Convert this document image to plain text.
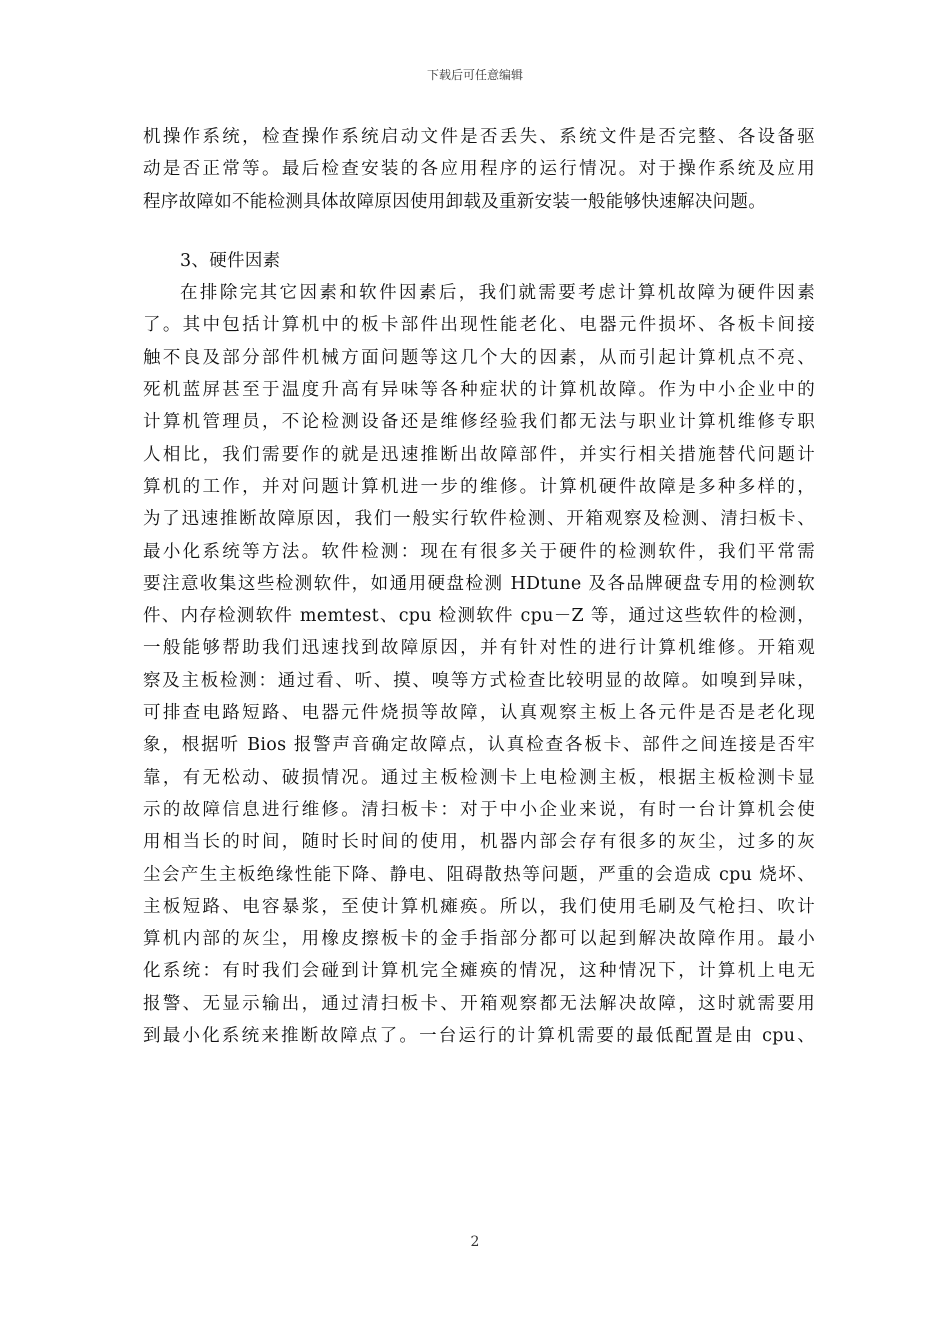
下载后可任意编辑
机操作系统，检查操作系统启动文件是否丢失、系统文件是否完整、各设备驱
动是否正常等。最后检查安装的各应用程序的运行情况。对于操作系统及应用
程序故障如不能检测具体故障原因使用卸载及重新安装一般能够快速解决问题。
3、硬件因素
在排除完其它因素和软件因素后，我们就需要考虑计算机故障为硬件因素
了。其中包括计算机中的板卡部件出现性能老化、电器元件损坏、各板卡间接
触不良及部分部件机械方面问题等这几个大的因素，从而引起计算机点不亮、
死机蓝屏甚至于温度升高有异味等各种症状的计算机故障。作为中小企业中的
计算机管理员，不论检测设备还是维修经验我们都无法与职业计算机维修专职
人相比，我们需要作的就是迅速推断出故障部件，并实行相关措施替代问题计
算机的工作，并对问题计算机进一步的维修。计算机硬件故障是多种多样的，
为了迅速推断故障原因，我们一般实行软件检测、开箱观察及检测、清扫板卡、
最小化系统等方法。软件检测：现在有很多关于硬件的检测软件，我们平常需
要注意收集这些检测软件，如通用硬盘检测 HDtune 及各品牌硬盘专用的检测软
件、内存检测软件 memtest、cpu 检测软件 cpu－Z 等，通过这些软件的检测，
一般能够帮助我们迅速找到故障原因，并有针对性的进行计算机维修。开箱观
察及主板检测：通过看、听、摸、嗅等方式检查比较明显的故障。如嗅到异味，
可排查电路短路、电器元件烧损等故障，认真观察主板上各元件是否是老化现
象，根据听 Bios 报警声音确定故障点，认真检查各板卡、部件之间连接是否牢
靠，有无松动、破损情况。通过主板检测卡上电检测主板，根据主板检测卡显
示的故障信息进行维修。清扫板卡：对于中小企业来说，有时一台计算机会使
用相当长的时间，随时长时间的使用，机器内部会存有很多的灰尘，过多的灰
尘会产生主板绝缘性能下降、静电、阻碍散热等问题，严重的会造成 cpu 烧坏、
主板短路、电容暴浆，至使计算机瘫痪。所以，我们使用毛刷及气枪扫、吹计
算机内部的灰尘，用橡皮擦板卡的金手指部分都可以起到解决故障作用。最小
化系统：有时我们会碰到计算机完全瘫痪的情况，这种情况下，计算机上电无
报警、无显示输出，通过清扫板卡、开箱观察都无法解决故障，这时就需要用
到最小化系统来推断故障点了。一台运行的计算机需要的最低配置是由 cpu、
2
